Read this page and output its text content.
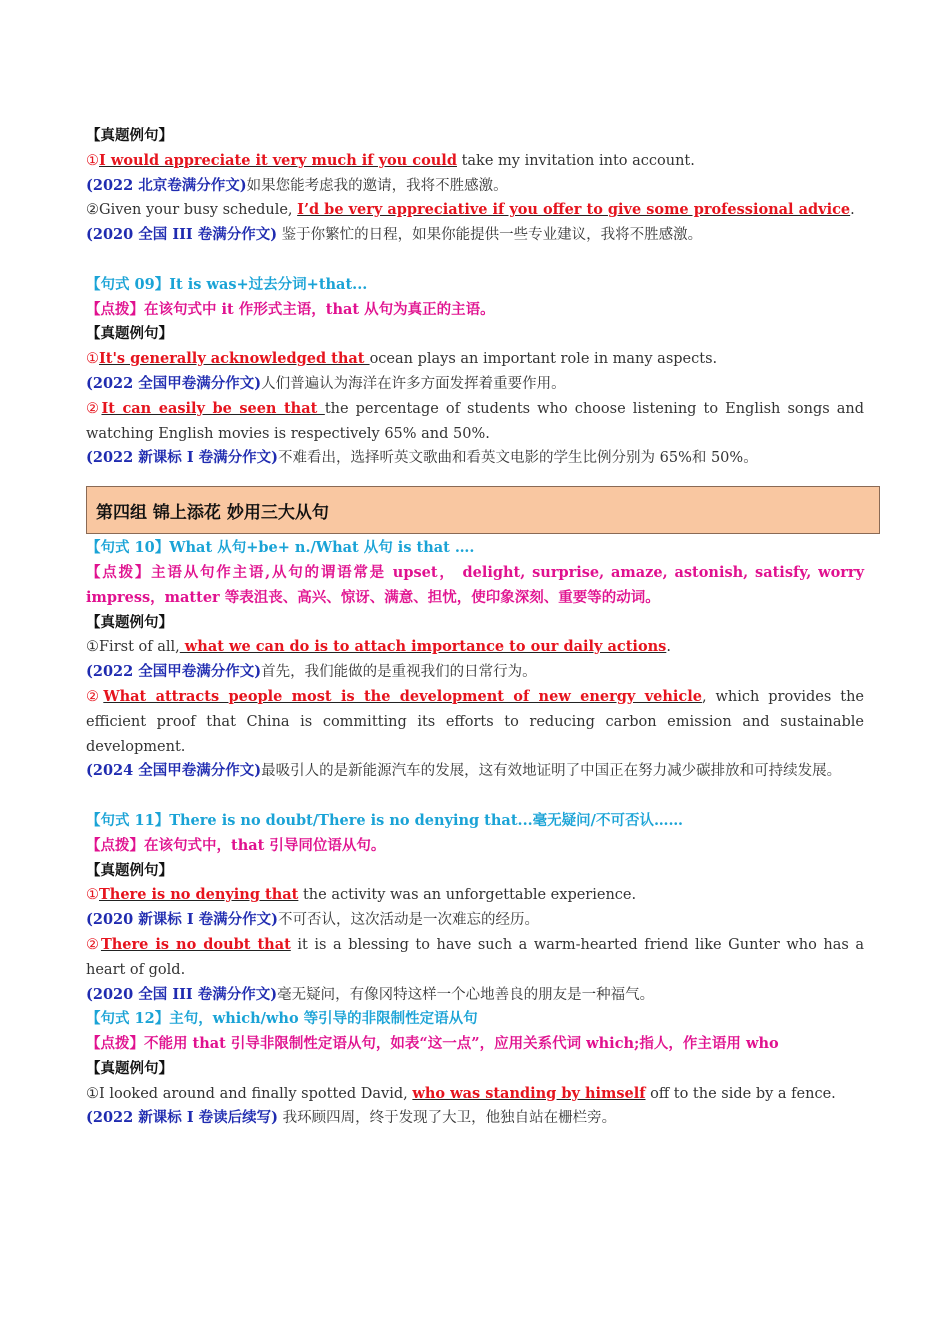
【真题例句】
①I would appreciate it very much if you could take my invitation into account.
(2022 北京卷满分作文)如果您能考虑我的邀请，我将不胜感激。
②Given your busy schedule, I’d be very appreciative if you offer to give some professional advice.
(2020 全国 III 卷满分作文) 鉴于你繁忙的日程，如果你能提供一些专业建议，我将不胜感激。
【句式 09】It is was+过去分词+that...
【点拨】在该句式中 it 作形式主语，that 从句为真正的主语。
【真题例句】
①It's generally acknowledged that ocean plays an important role in many aspects.
(2022 全国甲卷满分作文)人们普遍认为海洋在许多方面发挥着重要作用。
②It can easily be seen that the percentage of students who choose listening to English songs and watching English movies is respectively 65% and 50%.
(2022 新课标 I 卷满分作文)不难看出，选择听英文歌曲和看英文电影的学生比例分别为 65%和 50%。
第四组 锦上添花 妙用三大从句
【句式 10】What 从句+be+ n./What 从句 is that ….
【点拨】主语从句作主语,从句的谓语常是 upset， delight, surprise, amaze, astonish, satisfy, worry impress，matter 等表沮丧、高兴、惊讶、满意、担忧，使印象深刻、重要等的动词。
【真题例句】
①First of all, what we can do is to attach importance to our daily actions.
(2022 全国甲卷满分作文)首先，我们能做的是重视我们的日常行为。
②What attracts people most is the development of new energy vehicle, which provides the efficient proof that China is committing its efforts to reducing carbon emission and sustainable development.
(2024 全国甲卷满分作文)最吸引人的是新能源汽车的发展，这有效地证明了中国正在努力减少碳排放和可持续发展。
【句式 11】There is no doubt/There is no denying that...毫无疑问/不可否认……
【点拨】在该句式中，that 引导同位语从句。
【真题例句】
①There is no denying that the activity was an unforgettable experience.
(2020 新课标 I 卷满分作文)不可否认，这次活动是一次难忘的经历。
②There is no doubt that it is a blessing to have such a warm-hearted friend like Gunter who has a heart of gold.
(2020 全国 III 卷满分作文)毫无疑问，有像冈特这样一个心地善良的朋友是一种福气。
【句式 12】主句，which/who 等引导的非限制性定语从句
【点拨】不能用 that 引导非限制性定语从句，如表“这一点”，应用关系代词 which;指人，作主语用 who
【真题例句】
①I looked around and finally spotted David, who was standing by himself off to the side by a fence.
(2022 新课标 I 卷读后续写) 我环顾四周，终于发现了大卫，他独自站在栅栏旁。
